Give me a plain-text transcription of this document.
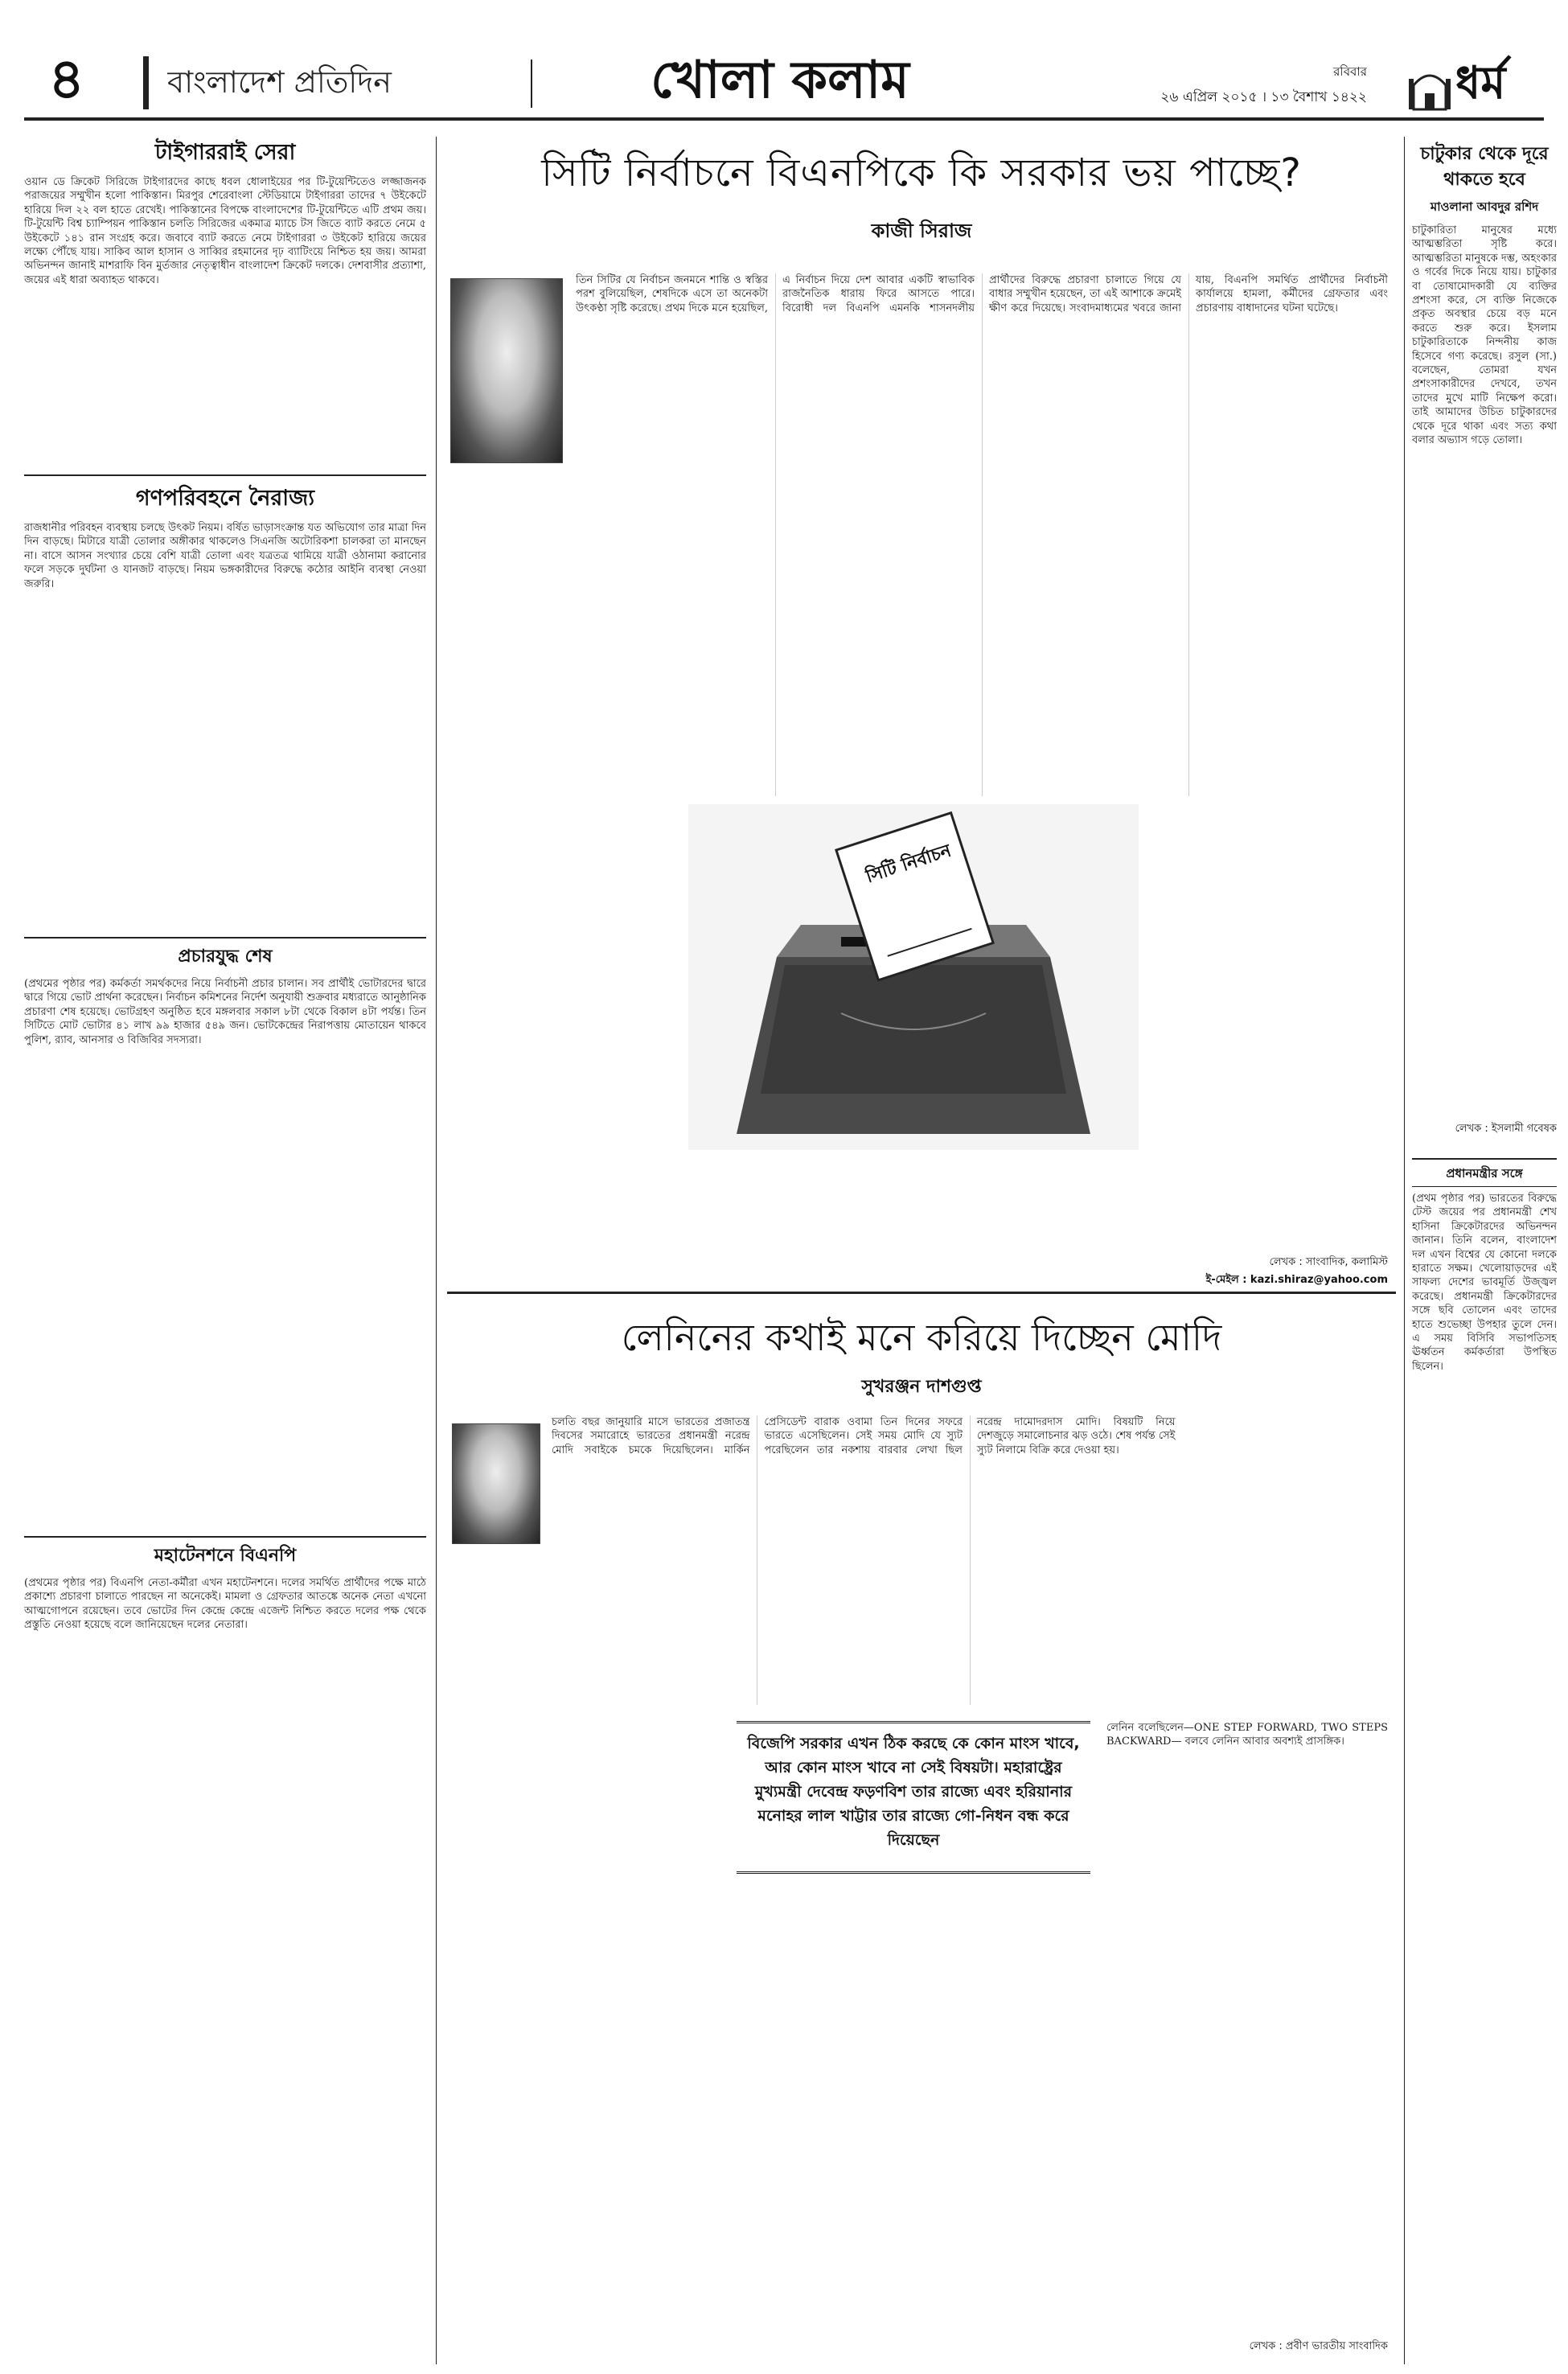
৪	বাংলাদেশ প্রতিদিন	খোলা কলাম	রবিবার
২৬ এপ্রিল ২০১৫ । ১৩ বৈশাখ ১৪২২ ধর্ম
টাইগাররাই সেরা
ওয়ান ডে ক্রিকেট সিরিজে টাইগারদের কাছে ধবল ধোলাইয়ের পর টি-টুয়েন্টিতেও লজ্জাজনক পরাজয়ের সম্মুখীন হলো পাকিস্তান। মিরপুর শেরেবাংলা স্টেডিয়ামে টাইগাররা তাদের ৭ উইকেটে হারিয়ে দিল ২২ বল হাতে রেখেই। পাকিস্তানের বিপক্ষে বাংলাদেশের টি-টুয়েন্টিতে এটি প্রথম জয়। টি-টুয়েন্টি বিশ্ব চ্যাম্পিয়ন পাকিস্তান চলতি সিরিজের একমাত্র ম্যাচে টস জিতে ব্যাট করতে নেমে ৫ উইকেটে ১৪১ রান সংগ্রহ করে। জবাবে ব্যাট করতে নেমে টাইগাররা ৩ উইকেট হারিয়ে জয়ের লক্ষ্যে পৌঁছে যায়। সাকিব আল হাসান ও সাব্বির রহমানের দৃঢ় ব্যাটিংয়ে নিশ্চিত হয় জয়। আমরা অভিনন্দন জানাই মাশরাফি বিন মুর্তজার নেতৃত্বাধীন বাংলাদেশ ক্রিকেট দলকে। দেশবাসীর প্রত্যাশা, জয়ের এই ধারা অব্যাহত থাকবে।
গণপরিবহনে নৈরাজ্য
রাজধানীর পরিবহন ব্যবস্থায় চলছে উৎকট নিয়ম। বর্ষিত ভাড়াসংক্রান্ত যত অভিযোগ তার মাত্রা দিন দিন বাড়ছে। মিটারে যাত্রী তোলার অঙ্গীকার থাকলেও সিএনজি অটোরিকশা চালকরা তা মানছেন না। বাসে আসন সংখ্যার চেয়ে বেশি যাত্রী তোলা এবং যত্রতত্র থামিয়ে যাত্রী ওঠানামা করানোর ফলে সড়কে দুর্ঘটনা ও যানজট বাড়ছে। নিয়ম ভঙ্গকারীদের বিরুদ্ধে কঠোর আইনি ব্যবস্থা নেওয়া জরুরি।
প্রচারযুদ্ধ শেষ
(প্রথমের পৃষ্ঠার পর) কর্মকর্তা সমর্থকদের নিয়ে নির্বাচনী প্রচার চালান। সব প্রার্থীই ভোটারদের দ্বারে দ্বারে গিয়ে ভোট প্রার্থনা করেছেন। নির্বাচন কমিশনের নির্দেশ অনুযায়ী শুক্রবার মধ্যরাতে আনুষ্ঠানিক প্রচারণা শেষ হয়েছে। ভোটগ্রহণ অনুষ্ঠিত হবে মঙ্গলবার সকাল ৮টা থেকে বিকাল ৪টা পর্যন্ত। তিন সিটিতে মোট ভোটার ৪১ লাখ ৯৯ হাজার ৫৪৯ জন। ভোটকেন্দ্রের নিরাপত্তায় মোতায়েন থাকবে পুলিশ, র‍্যাব, আনসার ও বিজিবির সদস্যরা।
মহাটেনশনে বিএনপি
(প্রথমের পৃষ্ঠার পর) বিএনপি নেতা-কর্মীরা এখন মহাটেনশনে। দলের সমর্থিত প্রার্থীদের পক্ষে মাঠে প্রকাশ্যে প্রচারণা চালাতে পারছেন না অনেকেই। মামলা ও গ্রেফতার আতঙ্কে অনেক নেতা এখনো আত্মগোপনে রয়েছেন। তবে ভোটের দিন কেন্দ্রে কেন্দ্রে এজেন্ট নিশ্চিত করতে দলের পক্ষ থেকে প্রস্তুতি নেওয়া হয়েছে বলে জানিয়েছেন দলের নেতারা।
সিটি নির্বাচনে বিএনপিকে কি সরকার ভয় পাচ্ছে?
কাজী সিরাজ
তিন সিটির যে নির্বাচন জনমনে শান্তি ও স্বস্তির পরশ বুলিয়েছিল, শেষদিকে এসে তা অনেকটা উৎকণ্ঠা সৃষ্টি করেছে। প্রথম দিকে মনে হয়েছিল, এ নির্বাচন দিয়ে দেশ আবার একটি স্বাভাবিক রাজনৈতিক ধারায় ফিরে আসতে পারে। বিরোধী দল বিএনপি এমনকি শাসনদলীয় প্রার্থীদের বিরুদ্ধে প্রচারণা চালাতে গিয়ে যে বাধার সম্মুখীন হয়েছেন, তা এই আশাকে ক্রমেই ক্ষীণ করে দিয়েছে। সংবাদমাধ্যমের খবরে জানা যায়, বিএনপি সমর্থিত প্রার্থীদের নির্বাচনী কার্যালয়ে হামলা, কর্মীদের গ্রেফতার এবং প্রচারণায় বাধাদানের ঘটনা ঘটেছে।
সিটি নির্বাচন
লেখক : সাংবাদিক, কলামিস্ট
ই-মেইল : kazi.shiraz@yahoo.com
লেনিনের কথাই মনে করিয়ে দিচ্ছেন মোদি
সুখরঞ্জন দাশগুপ্ত
চলতি বছর জানুয়ারি মাসে ভারতের প্রজাতন্ত্র দিবসের সমারোহে ভারতের প্রধানমন্ত্রী নরেন্দ্র মোদি সবাইকে চমকে দিয়েছিলেন। মার্কিন প্রেসিডেন্ট বারাক ওবামা তিন দিনের সফরে ভারতে এসেছিলেন। সেই সময় মোদি যে স্যুট পরেছিলেন তার নকশায় বারবার লেখা ছিল নরেন্দ্র দামোদরদাস মোদি। বিষয়টি নিয়ে দেশজুড়ে সমালোচনার ঝড় ওঠে। শেষ পর্যন্ত সেই স্যুট নিলামে বিক্রি করে দেওয়া হয়।
বিজেপি সরকার এখন ঠিক করছে কে কোন মাংস খাবে, আর কোন মাংস খাবে না সেই বিষয়টা। মহারাষ্ট্রের মুখ্যমন্ত্রী দেবেন্দ্র ফড়ণবিশ তার রাজ্যে এবং হরিয়ানার মনোহর লাল খাট্টার তার রাজ্যে গো-নিধন বন্ধ করে দিয়েছেন
লেনিন বলেছিলেন—ONE STEP FORWARD, TWO STEPS BACKWARD— বলবে লেনিন আবার অবশ্যই প্রাসঙ্গিক।
লেখক : প্রবীণ ভারতীয় সাংবাদিক
চাটুকার থেকে দূরে থাকতে হবে
মাওলানা আবদুর রশিদ
চাটুকারিতা মানুষের মধ্যে আত্মম্ভরিতা সৃষ্টি করে। আত্মম্ভরিতা মানুষকে দম্ভ, অহংকার ও গর্বের দিকে নিয়ে যায়। চাটুকার বা তোষামোদকারী যে ব্যক্তির প্রশংসা করে, সে ব্যক্তি নিজেকে প্রকৃত অবস্থার চেয়ে বড় মনে করতে শুরু করে। ইসলাম চাটুকারিতাকে নিন্দনীয় কাজ হিসেবে গণ্য করেছে। রসুল (সা.) বলেছেন, তোমরা যখন প্রশংসাকারীদের দেখবে, তখন তাদের মুখে মাটি নিক্ষেপ করো। তাই আমাদের উচিত চাটুকারদের থেকে দূরে থাকা এবং সত্য কথা বলার অভ্যাস গড়ে তোলা।
লেখক : ইসলামী গবেষক
প্রধানমন্ত্রীর সঙ্গে
(প্রথম পৃষ্ঠার পর) ভারতের বিরুদ্ধে টেস্ট জয়ের পর প্রধানমন্ত্রী শেখ হাসিনা ক্রিকেটারদের অভিনন্দন জানান। তিনি বলেন, বাংলাদেশ দল এখন বিশ্বের যে কোনো দলকে হারাতে সক্ষম। খেলোয়াড়দের এই সাফল্য দেশের ভাবমূর্তি উজ্জ্বল করেছে। প্রধানমন্ত্রী ক্রিকেটারদের সঙ্গে ছবি তোলেন এবং তাদের হাতে শুভেচ্ছা উপহার তুলে দেন। এ সময় বিসিবি সভাপতিসহ ঊর্ধ্বতন কর্মকর্তারা উপস্থিত ছিলেন।
